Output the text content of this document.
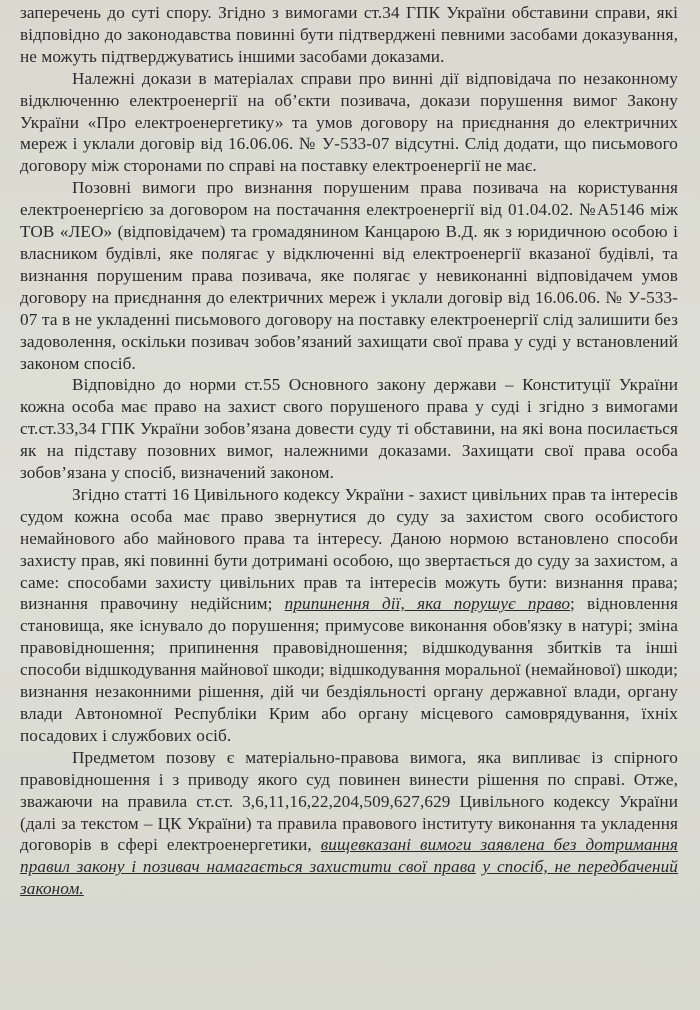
заперечень до суті спору. Згідно з вимогами ст.34 ГПК України обставини справи, які відповідно до законодавства повинні бути підтверджені певними засобами доказування, не можуть підтверджуватись іншими засобами доказами.

Належні докази в матеріалах справи про винні дії відповідача по незаконному відключенню електроенергії на об’єкти позивача, докази порушення вимог Закону України «Про електроенергетику» та умов договору на приєднання до електричних мереж і уклали договір від 16.06.06. № У-533-07 відсутні. Слід додати, що письмового договору між сторонами по справі на поставку електроенергії не має.

Позовні вимоги про визнання порушеним права позивача на користування електроенергією за договором на постачання електроенергії від 01.04.02. №А5146 між ТОВ «ЛЕО» (відповідачем) та громадянином Канцарою В.Д. як з юридичною особою і власником будівлі, яке полягає у відключенні від електроенергії вказаної будівлі, та визнання порушеним права позивача, яке полягає у невиконанні відповідачем умов договору на приєднання до електричних мереж і уклали договір від 16.06.06. № У-533-07 та в не укладенні письмового договору на поставку електроенергії слід залишити без задоволення, оскільки позивач зобов’язаний захищати свої права у суді у встановлений законом спосіб.

Відповідно до норми ст.55 Основного закону держави – Конституції України кожна особа має право на захист свого порушеного права у суді і згідно з вимогами ст.ст.33,34 ГПК України зобов’язана довести суду ті обставини, на які вона посилається як на підставу позовних вимог, належними доказами. Захищати свої права особа зобов’язана у спосіб, визначений законом.

Згідно статті 16 Цивільного кодексу України - захист цивільних прав та інтересів судом кожна особа має право звернутися до суду за захистом свого особистого немайнового або майнового права та інтересу. Даною нормою встановлено способи захисту прав, які повинні бути дотримані особою, що звертається до суду за захистом, а саме: способами захисту цивільних прав та інтересів можуть бути: визнання права; визнання правочину недійсним; припинення дії, яка порушує право; відновлення становища, яке існувало до порушення; примусове виконання обов'язку в натурі; зміна правовідношення; припинення правовідношення; відшкодування збитків та інші способи відшкодування майнової шкоди; відшкодування моральної (немайнової) шкоди; визнання незаконними рішення, дій чи бездіяльності органу державної влади, органу влади Автономної Республіки Крим або органу місцевого самоврядування, їхніх посадових і службових осіб.

Предметом позову є матеріально-правова вимога, яка випливає із спірного правовідношення і з приводу якого суд повинен винести рішення по справі. Отже, зважаючи на правила ст.ст. 3,6,11,16,22,204,509,627,629 Цивільного кодексу України (далі за текстом – ЦК України) та правила правового інституту виконання та укладення договорів в сфері електроенергетики, вищевказані вимоги заявлена без дотримання правил закону і позивач намагається захистити свої права у спосіб, не передбачений законом.
